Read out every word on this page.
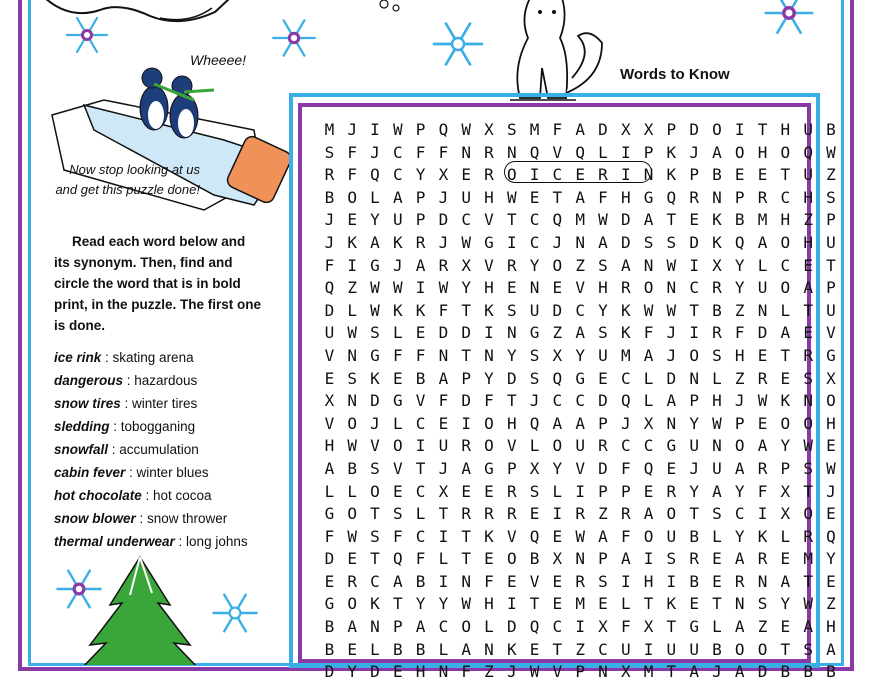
Wheeee!
Now stop looking at us and get this puzzle done!
Read each word below and its synonym. Then, find and circle the word that is in bold print, in the puzzle. The first one is done.
ice rink : skating arena
dangerous : hazardous
snow tires : winter tires
sledding : tobogganing
snowfall : accumulation
cabin fever : winter blues
hot chocolate : hot cocoa
snow blower : snow thrower
thermal underwear : long johns
Words to Know
M J I W P Q W X S M F A D X X P D O I T H U B
S F J C F F N R N Q V Q L I P K J A O H O Q W
R F Q C Y X E R O I C E R I N K P B E E T U Z
B O L A P J U H W E T A F H G Q R N P R C H S
J E Y U P D C V T C Q M W D A T E K B M H Z P
J K A K R J W G I C J N A D S S D K Q A O H U
F I G J A R X V R Y O Z S A N W I X Y L C E T
Q Z W W I W Y H E N E V H R O N C R Y U O A P
D L W K K F T K S U D C Y K W W T B Z N L T U
U W S L E D D I N G Z A S K F J I R F D A E V
V N G F F N T N Y S X Y U M A J O S H E T R G
E S K E B A P Y D S Q G E C L D N L Z R E S X
X N D G V F D F T J C C D Q L A P H J W K N O
V O J L C E I O H Q A A P J X N Y W P E O O H
H W V O I U R O V L O U R C C G U N O A Y W E
A B S V T J A G P X Y V D F Q E J U A R P S W
L L O E C X E E R S L I P P E R Y A Y F X T J
G O T S L T R R R E I R Z R A O T S C I X O E
F W S F C I T K V Q E W A F O U B L Y K L R Q
D E T Q F L T E O B X N P A I S R E A R E M Y
E R C A B I N F E V E R S I H I B E R N A T E
G O K T Y Y W H I T E M E L T K E T N S Y W Z
B A N P A C O L D Q C I X F X T G L A Z E A H
B E L B B L A N K E T Z C U I U U B O O T S A
D Y D E H N F Z J W V P N X M T A J A D B B B
